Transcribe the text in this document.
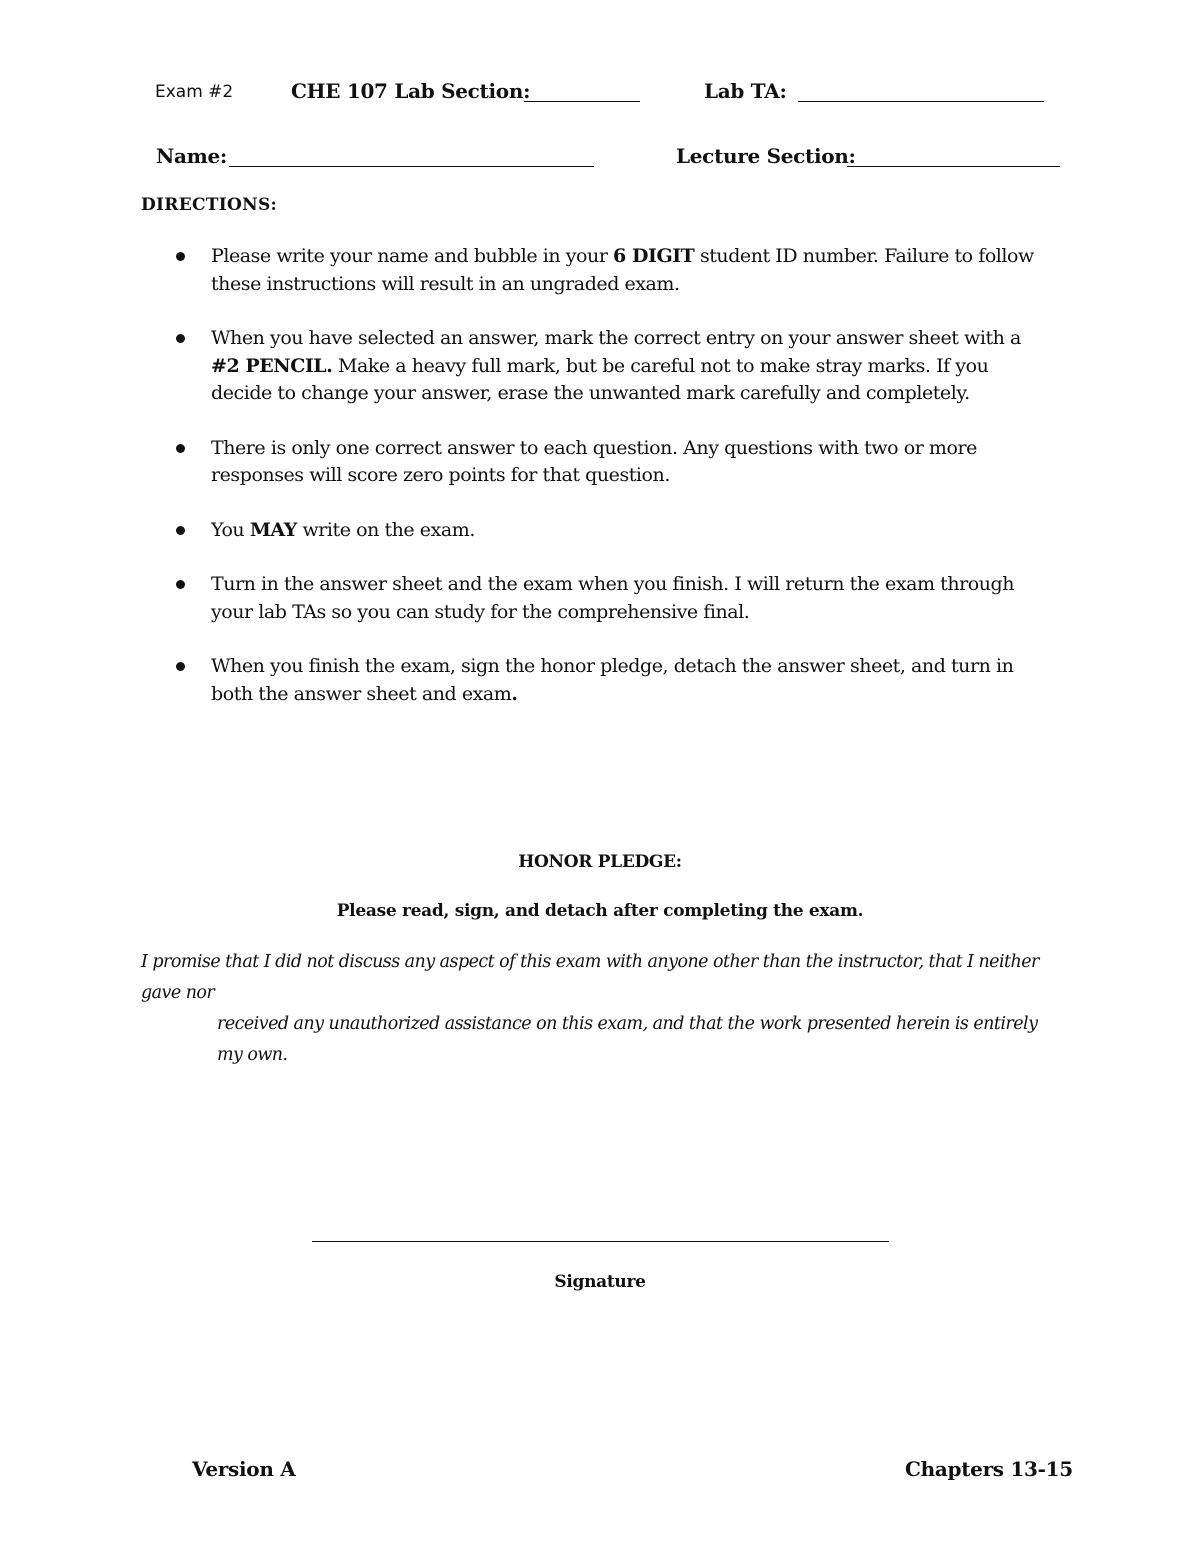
Exam #2	CHE 107 Lab Section:	Lab TA:
Name:	Lecture Section:
DIRECTIONS:
Please write your name and bubble in your 6 DIGIT student ID number. Failure to follow these instructions will result in an ungraded exam.
When you have selected an answer, mark the correct entry on your answer sheet with a #2 PENCIL. Make a heavy full mark, but be careful not to make stray marks. If you decide to change your answer, erase the unwanted mark carefully and completely.
There is only one correct answer to each question. Any questions with two or more responses will score zero points for that question.
You MAY write on the exam.
Turn in the answer sheet and the exam when you finish. I will return the exam through your lab TAs so you can study for the comprehensive final.
When you finish the exam, sign the honor pledge, detach the answer sheet, and turn in both the answer sheet and exam.
HONOR PLEDGE:
Please read, sign, and detach after completing the exam.
I promise that I did not discuss any aspect of this exam with anyone other than the instructor, that I neither gave nor
received any unauthorized assistance on this exam, and that the work presented herein is entirely my own.
Signature
Version A	Chapters 13-15
